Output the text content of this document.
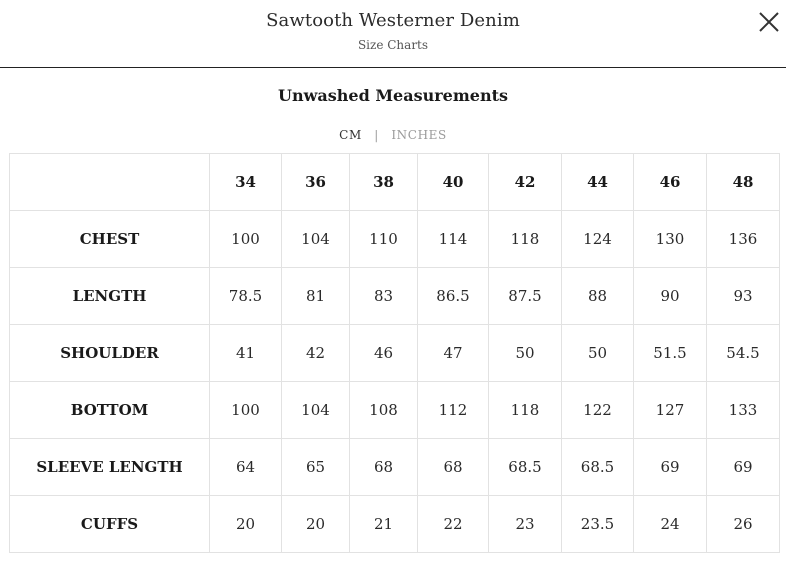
Sawtooth Westerner Denim
Size Charts
Unwashed Measurements
CM | INCHES
	34	36	38	40	42	44	46	48
CHEST	100	104	110	114	118	124	130	136
LENGTH	78.5	81	83	86.5	87.5	88	90	93
SHOULDER	41	42	46	47	50	50	51.5	54.5
BOTTOM	100	104	108	112	118	122	127	133
SLEEVE LENGTH	64	65	68	68	68.5	68.5	69	69
CUFFS	20	20	21	22	23	23.5	24	26
